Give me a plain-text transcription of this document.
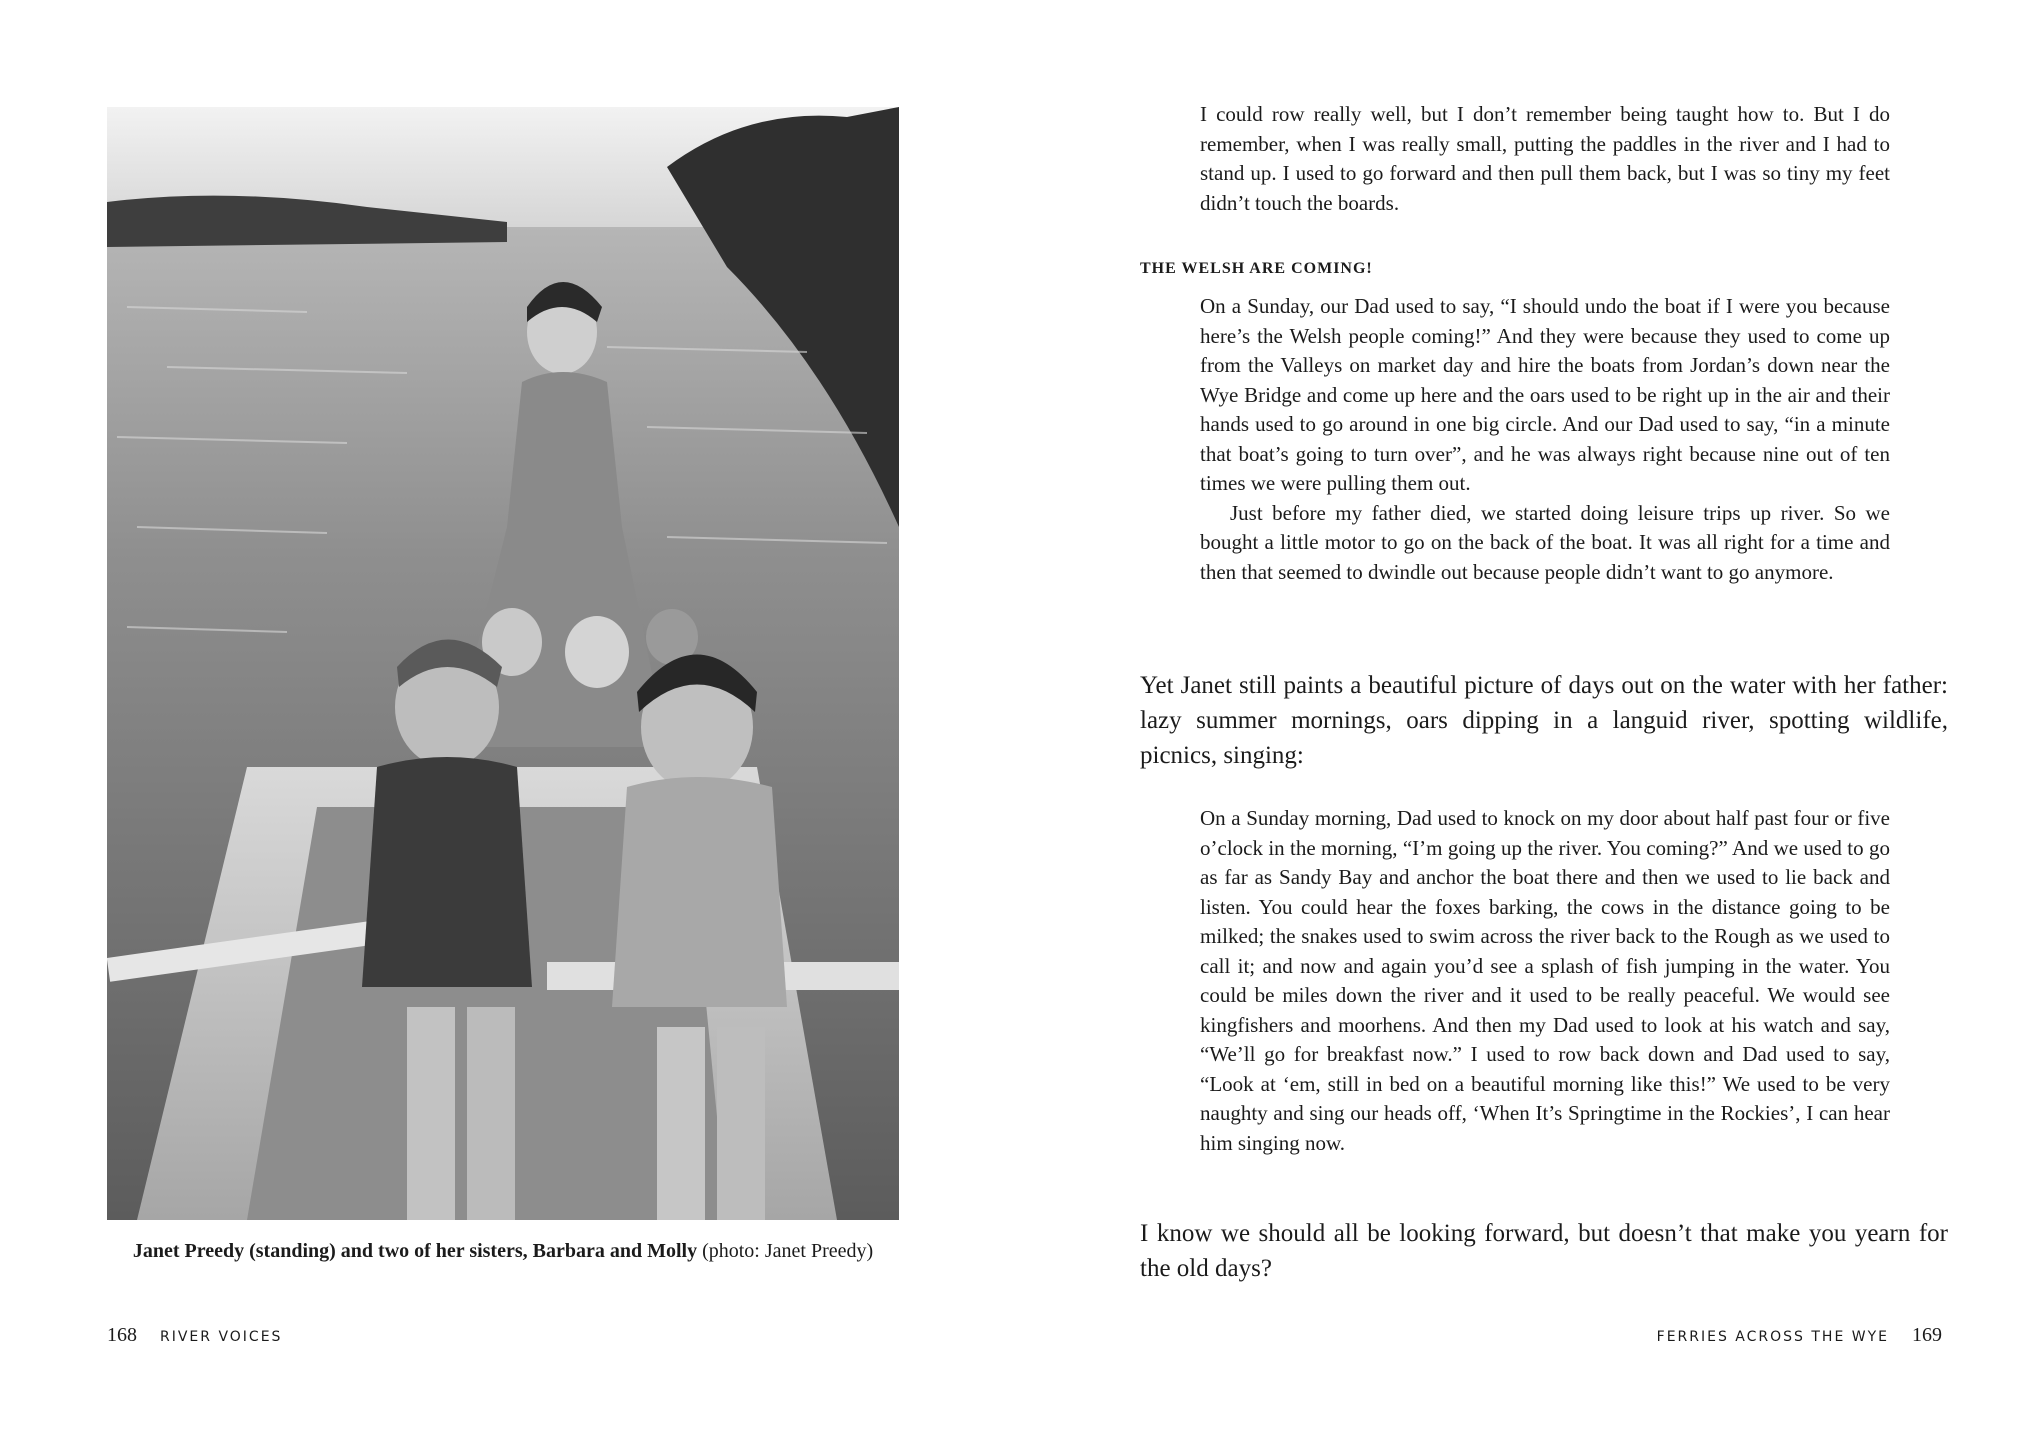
Janet Preedy (standing) and two of her sisters, Barbara and Molly (photo: Janet Preedy)
168 RIVER VOICES

I could row really well, but I don’t remember being taught how to. But I do remember, when I was really small, putting the paddles in the river and I had to stand up. I used to go forward and then pull them back, but I was so tiny my feet didn’t touch the boards.

THE WELSH ARE COMING!

On a Sunday, our Dad used to say, “I should undo the boat if I were you because here’s the Welsh people coming!” And they were because they used to come up from the Valleys on market day and hire the boats from Jordan’s down near the Wye Bridge and come up here and the oars used to be right up in the air and their hands used to go around in one big circle. And our Dad used to say, “in a minute that boat’s going to turn over”, and he was always right because nine out of ten times we were pulling them out.

Just before my father died, we started doing leisure trips up river. So we bought a little motor to go on the back of the boat. It was all right for a time and then that seemed to dwindle out because people didn’t want to go anymore.

Yet Janet still paints a beautiful picture of days out on the water with her father: lazy summer mornings, oars dipping in a languid river, spotting wildlife, picnics, singing:

On a Sunday morning, Dad used to knock on my door about half past four or five o’clock in the morning, “I’m going up the river. You coming?” And we used to go as far as Sandy Bay and anchor the boat there and then we used to lie back and listen. You could hear the foxes barking, the cows in the distance going to be milked; the snakes used to swim across the river back to the Rough as we used to call it; and now and again you’d see a splash of fish jumping in the water. You could be miles down the river and it used to be really peaceful. We would see kingfishers and moorhens. And then my Dad used to look at his watch and say, “We’ll go for breakfast now.” I used to row back down and Dad used to say, “Look at ‘em, still in bed on a beautiful morning like this!” We used to be very naughty and sing our heads off, ‘When It’s Springtime in the Rockies’, I can hear him singing now.

I know we should all be looking forward, but doesn’t that make you yearn for the old days?

FERRIES ACROSS THE WYE 169
